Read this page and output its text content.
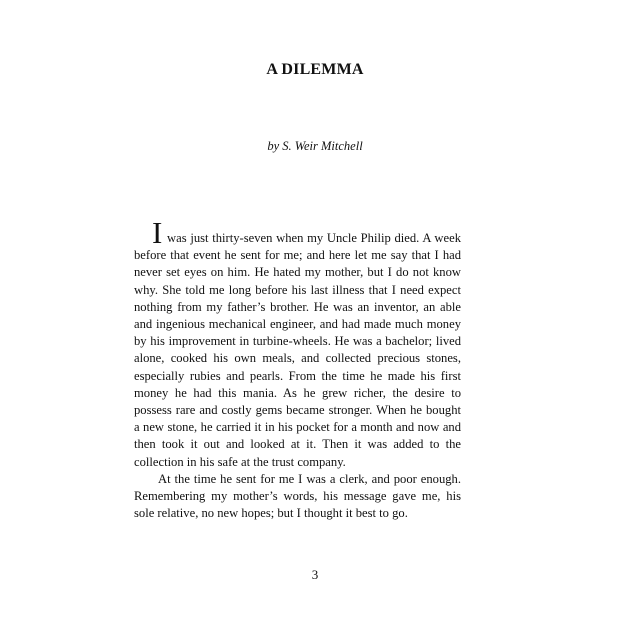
A DILEMMA
by S. Weir Mitchell

I was just thirty-seven when my Uncle Philip died. A week before that event he sent for me; and here let me say that I had never set eyes on him. He hated my mother, but I do not know why. She told me long before his last illness that I need expect nothing from my father’s brother. He was an inventor, an able and ingenious mechanical engineer, and had made much money by his improvement in turbine-wheels. He was a bachelor; lived alone, cooked his own meals, and collected precious stones, especially rubies and pearls. From the time he made his first money he had this mania. As he grew richer, the desire to possess rare and costly gems became stronger. When he bought a new stone, he carried it in his pocket for a month and now and then took it out and looked at it. Then it was added to the collection in his safe at the trust company.

At the time he sent for me I was a clerk, and poor enough. Remembering my mother’s words, his message gave me, his sole relative, no new hopes; but I thought it best to go.

3
